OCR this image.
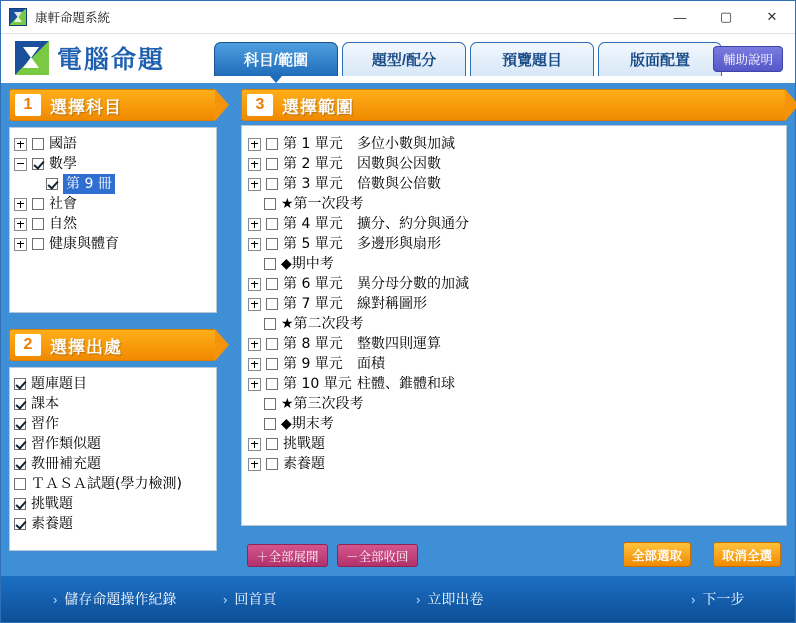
康軒命題系統	—	▢	✕
電腦命題	科目/範圍	題型/配分	預覽題目	版面配置	輔助說明
1	選擇科目
國語
數學
第 9 冊
社會
自然
健康與體育
2	選擇出處
題庫題目
課本
習作
習作類似題
教冊補充題
ＴＡＳＡ試題(學力檢測)
挑戰題
素養題
3	選擇範圍
第 1 單元	多位小數與加減
第 2 單元	因數與公因數
第 3 單元	倍數與公倍數
★第一次段考
第 4 單元	擴分、約分與通分
第 5 單元	多邊形與扇形
◆期中考
第 6 單元	異分母分數的加減
第 7 單元	線對稱圖形
★第二次段考
第 8 單元	整數四則運算
第 9 單元	面積
第 10 單元 柱體、錐體和球
★第三次段考
◆期末考
挑戰題
素養題
＋全部展開	－全部收回	全部選取	取消全選
› 儲存命題操作紀錄	› 回首頁	› 立即出卷	› 下一步
